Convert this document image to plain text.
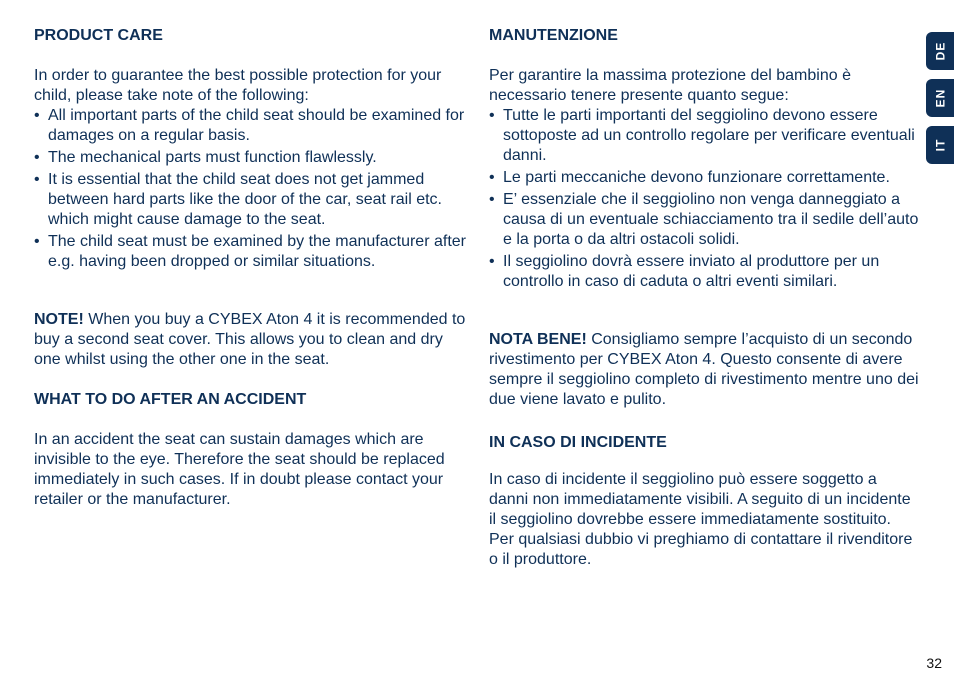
PRODUCT CARE

In order to guarantee the best possible protection for your child, please take note of the following:

• All important parts of the child seat should be examined for damages on a regular basis.
• The mechanical parts must function flawlessly.
• It is essential that the child seat does not get jammed between hard parts like the door of the car, seat rail etc. which might cause damage to the seat.
• The child seat must be examined by the manufacturer after e.g. having been dropped or similar situations.

NOTE! When you buy a CYBEX Aton 4 it is recommended to buy a second seat cover. This allows you to clean and dry one whilst using the other one in the seat.

WHAT TO DO AFTER AN ACCIDENT

In an accident the seat can sustain damages which are invisible to the eye. Therefore the seat should be replaced immediately in such cases. If in doubt please contact your retailer or the manufacturer.

MANUTENZIONE

Per garantire la massima protezione del bambino è necessario tenere presente quanto segue:

• Tutte le parti importanti del seggiolino devono essere sottoposte ad un controllo regolare per verificare eventuali danni.
• Le parti meccaniche devono funzionare correttamente.
• E’ essenziale che il seggiolino non venga danneggiato a causa di un eventuale schiacciamento tra il sedile dell’auto e la porta o da altri ostacoli solidi.
• Il seggiolino dovrà essere inviato al produttore per un controllo in caso di caduta o altri eventi similari.

NOTA BENE! Consigliamo sempre l’acquisto di un secondo rivestimento per CYBEX Aton 4. Questo consente di avere sempre il seggiolino completo di rivestimento mentre uno dei due viene lavato e pulito.

IN CASO DI INCIDENTE

In caso di incidente il seggiolino può essere soggetto a danni non immediatamente visibili. A seguito di un incidente il seggiolino dovrebbe essere immediatamente sostituito. Per qualsiasi dubbio vi preghiamo di contattare il rivenditore o il produttore.

DE
EN
IT
32
